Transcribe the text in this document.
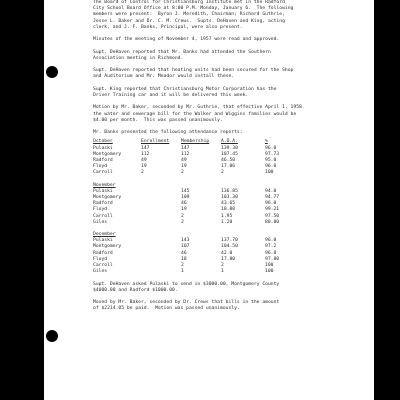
The Board of Control for Christiansburg Institute met in the Radford
City School Board Office at 8:00 P.M. Monday, January 6.  The following
members were present:  Byron J. Meredith, Chairman; Richard Guthrie,
Jesse L. Baker and Dr. C. M. Crews.  Supts. DeHaven and King, acting
clerk, and J. F. Banks, Principal, were also present.
Minutes of the meeting of November 4, 1957 were read and approved.
Supt. DeHaven reported that Mr. Banks had attended the Southern
Association meeting in Richmond.
Supt. DeHaven reported that heating units had been secured for the Shop
and Auditorium and Mr. Meador would install these.
Supt. King reported that Christiansburg Motor Corporation has the
Driver Training car and it will be delivered this week.
Motion by Mr. Baker, seconded by Mr. Guthrie, that effective April 1, 1958
the water and sewerage bill for the Walker and Wiggins families would be
$4.00 per month.  This was passed unanimously.
Mr. Banks presented the following attendance reports:
October	Enrollment	Membership	A.D.A.	%
Pulaski	147	147	139.30	96.0
Montgomery	112	112	107.45	97.73
Radford	49	49	46.50	95.0
Floyd	19	19	17.06	96.0
Carroll	2	2	2	100
November				
Pulaski		145	136.85	94.0
Montgomery		109	103.30	94.77
Radford		46	43.65	96.0
Floyd		19	18.80	99.21
Carroll		2	1.95	97.50
Giles		2	1.20	80.00
December				
Pulaski		143	137.70	96.0
Montgomery		107	104.50	97.2
Radford		46	42.0	96.0
Floyd		18	17.80	97.80
Carroll		2	2	100
Giles		1	1	100
Supt. DeHaven asked Pulaski to send in $3000.00, Montgomery County
$4000.00 and Radford $1000.00.
Moved by Mr. Baker, seconded by Dr. Crews that bills in the amount
of $2214.05 be paid.  Motion was passed unanimously.
